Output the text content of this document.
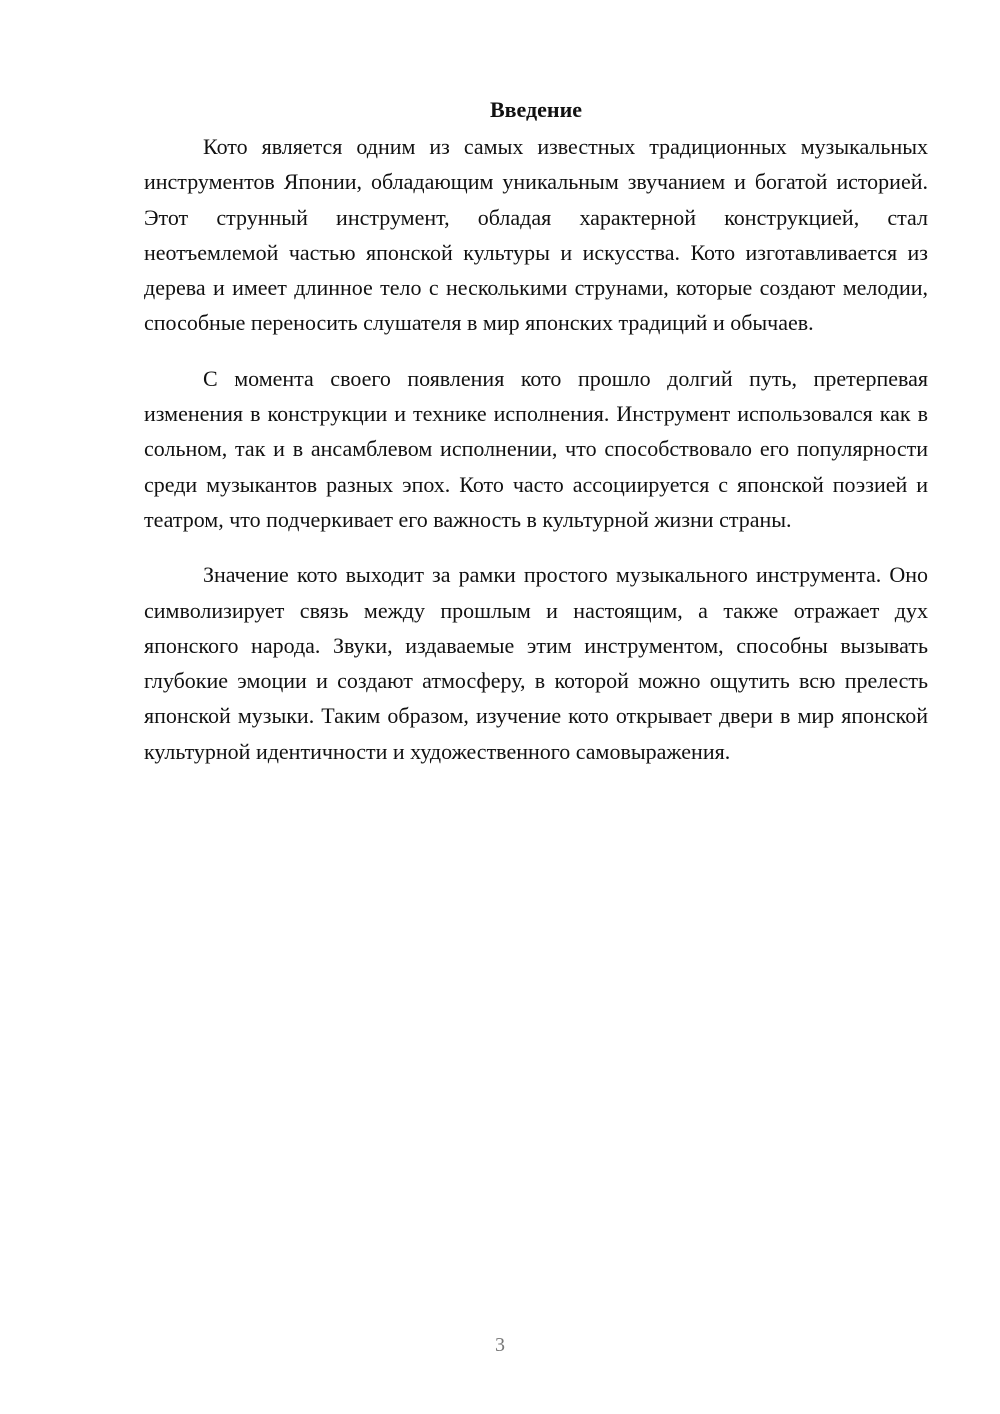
Введение

Кото является одним из самых известных традиционных музыкальных инструментов Японии, обладающим уникальным звучанием и богатой историей. Этот струнный инструмент, обладая характерной конструкцией, стал неотъемлемой частью японской культуры и искусства. Кото изготавливается из дерева и имеет длинное тело с несколькими струнами, которые создают мелодии, способные переносить слушателя в мир японских традиций и обычаев.

С момента своего появления кото прошло долгий путь, претерпевая изменения в конструкции и технике исполнения. Инструмент использовался как в сольном, так и в ансамблевом исполнении, что способствовало его популярности среди музыкантов разных эпох. Кото часто ассоциируется с японской поэзией и театром, что подчеркивает его важность в культурной жизни страны.

Значение кото выходит за рамки простого музыкального инструмента. Оно символизирует связь между прошлым и настоящим, а также отражает дух японского народа. Звуки, издаваемые этим инструментом, способны вызывать глубокие эмоции и создают атмосферу, в которой можно ощутить всю прелесть японской музыки. Таким образом, изучение кото открывает двери в мир японской культурной идентичности и художественного самовыражения.

3
